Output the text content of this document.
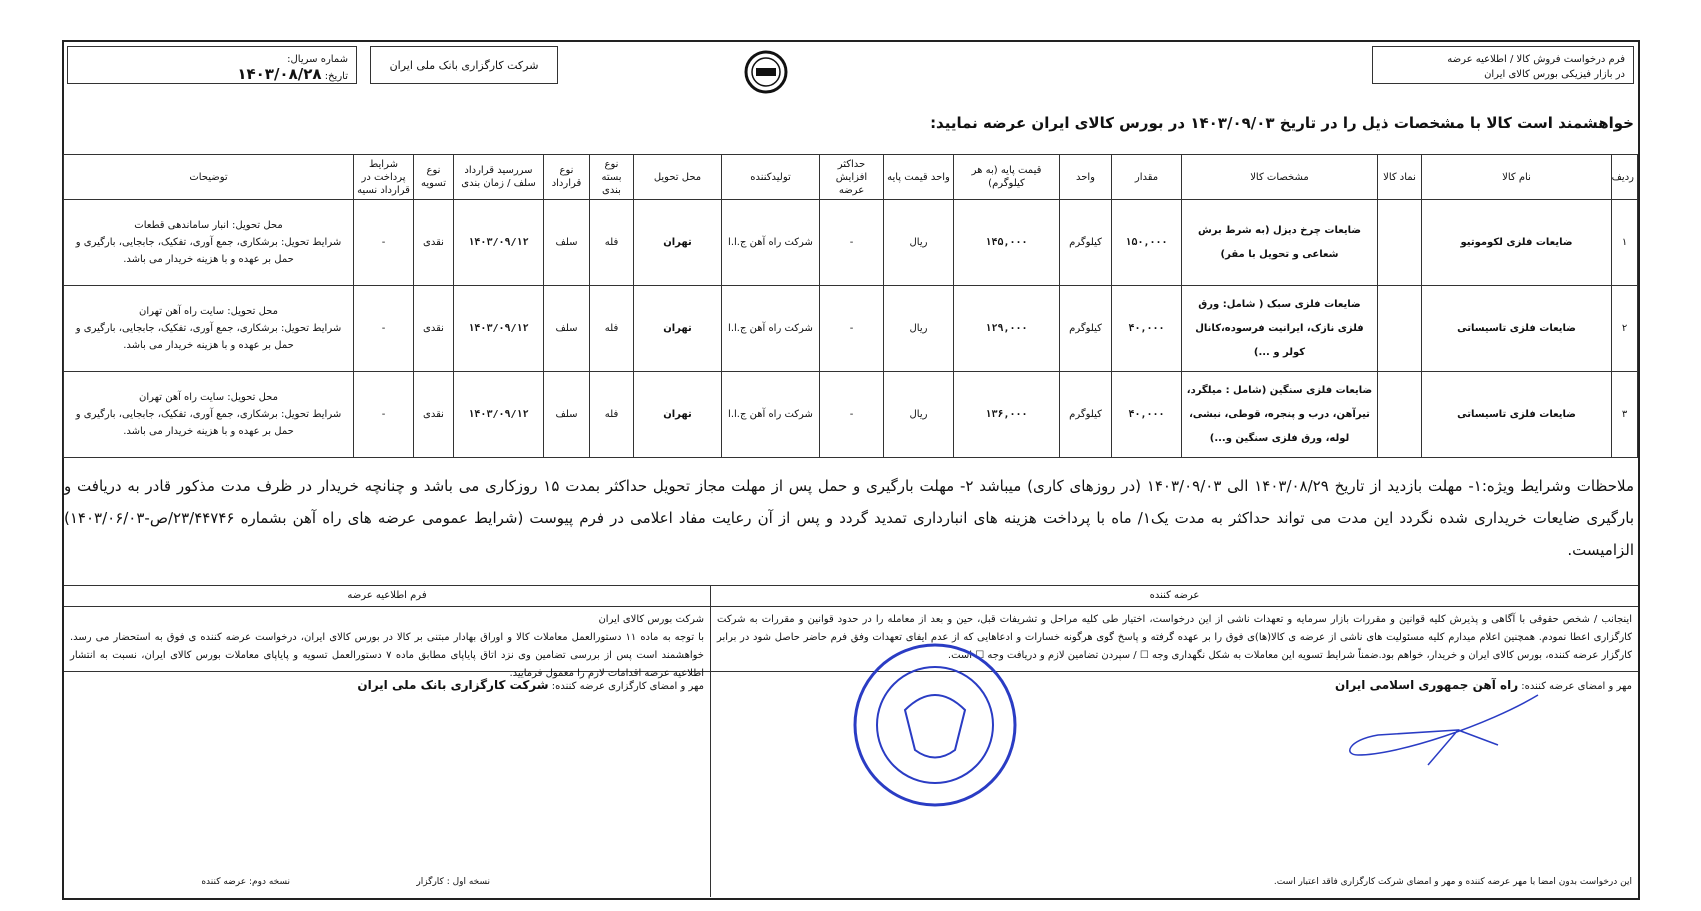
فرم درخواست فروش کالا / اطلاعیه عرضه
در بازار فیزیکی بورس کالای ایران
شرکت کارگزاری بانک ملی ایران
شماره سریال:
تاریخ: ۱۴۰۳/۰۸/۲۸
خواهشمند است کالا با مشخصات ذیل را در تاریخ ۱۴۰۳/۰۹/۰۳ در بورس کالای ایران عرضه نمایید:
ردیف	نام کالا	نماد کالا	مشخصات کالا	مقدار	واحد	قیمت پایه (به هر کیلوگرم)	واحد قیمت پایه	حداکثر افزایش عرضه	تولیدکننده	محل تحویل	نوع بسته بندی	نوع قرارداد	سررسید قرارداد سلف / زمان بندی	نوع تسویه	شرایط پرداخت در قرارداد نسیه	توضیحات
۱	ضایعات فلزی لکوموتیو		ضایعات چرخ دیزل (به شرط برش شعاعی و تحویل با مقر)	۱۵۰,۰۰۰	کیلوگرم	۱۴۵,۰۰۰	ریال	-	شرکت راه آهن ج.ا.ا	تهران	فله	سلف	۱۴۰۳/۰۹/۱۲	نقدی	-	محل تحویل: انبار ساماندهی قطعات
شرایط تحویل: برشکاری، جمع آوری، تفکیک، جابجایی، بارگیری و حمل بر عهده و با هزینه خریدار می باشد.

۲	ضایعات فلزی تاسیساتی		ضایعات فلزی سبک ( شامل: ورق فلزی نازک، ایرانیت فرسوده،کانال کولر و ...)	۴۰,۰۰۰	کیلوگرم	۱۲۹,۰۰۰	ریال	-	شرکت راه آهن ج.ا.ا	تهران	فله	سلف	۱۴۰۳/۰۹/۱۲	نقدی	-	محل تحویل: سایت راه آهن تهران
شرایط تحویل: برشکاری، جمع آوری، تفکیک، جابجایی، بارگیری و حمل بر عهده و با هزینه خریدار می باشد.

۳	ضایعات فلزی تاسیساتی		ضایعات فلزی سنگین (شامل : میلگرد، تیرآهن، درب و پنجره، قوطی، نبشی، لوله، ورق فلزی سنگین و...)	۴۰,۰۰۰	کیلوگرم	۱۳۶,۰۰۰	ریال	-	شرکت راه آهن ج.ا.ا	تهران	فله	سلف	۱۴۰۳/۰۹/۱۲	نقدی	-	محل تحویل: سایت راه آهن تهران
شرایط تحویل: برشکاری، جمع آوری، تفکیک، جابجایی، بارگیری و حمل بر عهده و با هزینه خریدار می باشد.
ملاحظات وشرایط ویژه:۱- مهلت بازدید از تاریخ ۱۴۰۳/۰۸/۲۹ الی ۱۴۰۳/۰۹/۰۳ (در روزهای کاری) میباشد ۲- مهلت بارگیری و حمل پس از مهلت مجاز تحویل حداکثر بمدت ۱۵ روزکاری می باشد و چنانچه خریدار در ظرف مدت مذکور قادر به دریافت و بارگیری ضایعات خریداری شده نگردد این مدت می تواند حداکثر به مدت یک۱/ ماه با پرداخت هزینه های انبارداری تمدید گردد و پس از آن رعایت مفاد اعلامی در فرم پیوست (شرایط عمومی عرضه های راه آهن بشماره ۲۳/۴۴۷۴۶/ص-۱۴۰۳/۰۶/۰۳) الزامیست.
عرضه کننده
اینجانب / شخص حقوقی با آگاهی و پذیرش کلیه قوانین و مقررات بازار سرمایه و تعهدات ناشی از این درخواست، اختیار طی کلیه مراحل و تشریفات قبل، حین و بعد از معامله را در حدود قوانین و مقررات به شرکت کارگزاری اعطا نمودم. همچنین اعلام میدارم کلیه مسئولیت های ناشی از عرضه ی کالا(ها)ی فوق را بر عهده گرفته و پاسخ گوی هرگونه خسارات و ادعاهایی که از عدم ایفای تعهدات وفق فرم حاضر حاصل شود در برابر کارگزار عرضه کننده، بورس کالای ایران و خریدار، خواهم بود.ضمناً شرایط تسویه این معاملات به شکل نگهداری وجه ☐ / سپردن تضامین لازم و دریافت وجه ☐ است.
مهر و امضای عرضه کننده: راه آهن جمهوری اسلامی ایران
این درخواست بدون امضا با مهر عرضه کننده و مهر و امضای شرکت کارگزاری فاقد اعتبار است.
فرم اطلاعیه عرضه
شرکت بورس کالای ایران
با توجه به ماده ۱۱ دستورالعمل معاملات کالا و اوراق بهادار مبتنی بر کالا در بورس کالای ایران، درخواست عرضه کننده ی فوق به استحضار می رسد. خواهشمند است پس از بررسی تضامین وی نزد اتاق پایاپای مطابق ماده ۷ دستورالعمل تسویه و پایاپای معاملات بورس کالای ایران، نسبت به انتشار اطلاعیه عرضه اقدامات لازم را معمول فرمایید.
مهر و امضای کارگزاری عرضه کننده: شرکت کارگزاری بانک ملی ایران
نسخه اول : کارگزار
نسخه دوم: عرضه کننده
